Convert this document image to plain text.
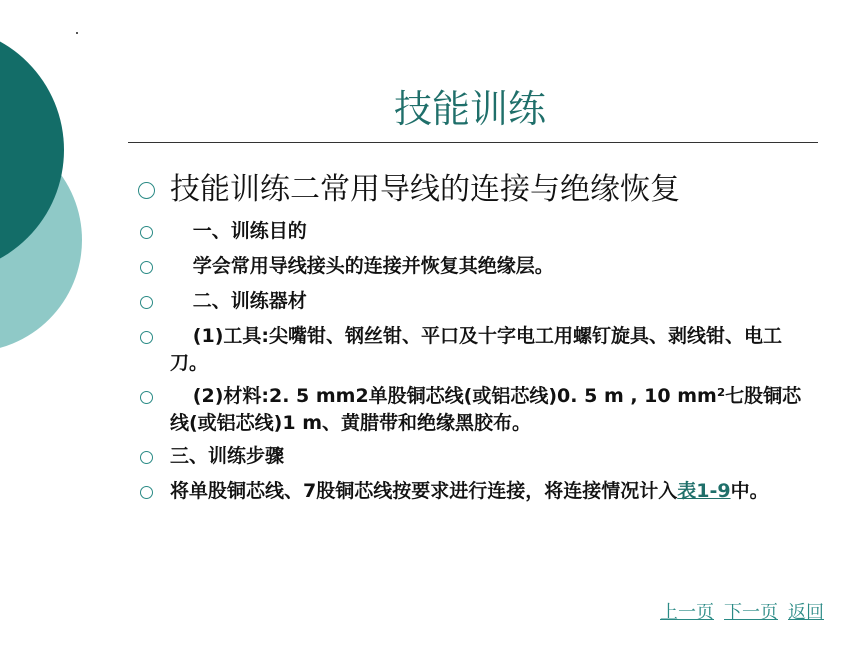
技能训练
技能训练二常用导线的连接与绝缘恢复
一、训练目的
学会常用导线接头的连接并恢复其绝缘层。
二、训练器材
(1)工具:尖嘴钳、钢丝钳、平口及十字电工用螺钉旋具、剥线钳、电工刀。
(2)材料:2. 5 mm2单股铜芯线(或铝芯线)0. 5 m , 10 mm²七股铜芯线(或铝芯线)1 m、黄腊带和绝缘黑胶布。
三、训练步骤
将单股铜芯线、7股铜芯线按要求进行连接，将连接情况计入表1-9中。
上一页 下一页 返回
